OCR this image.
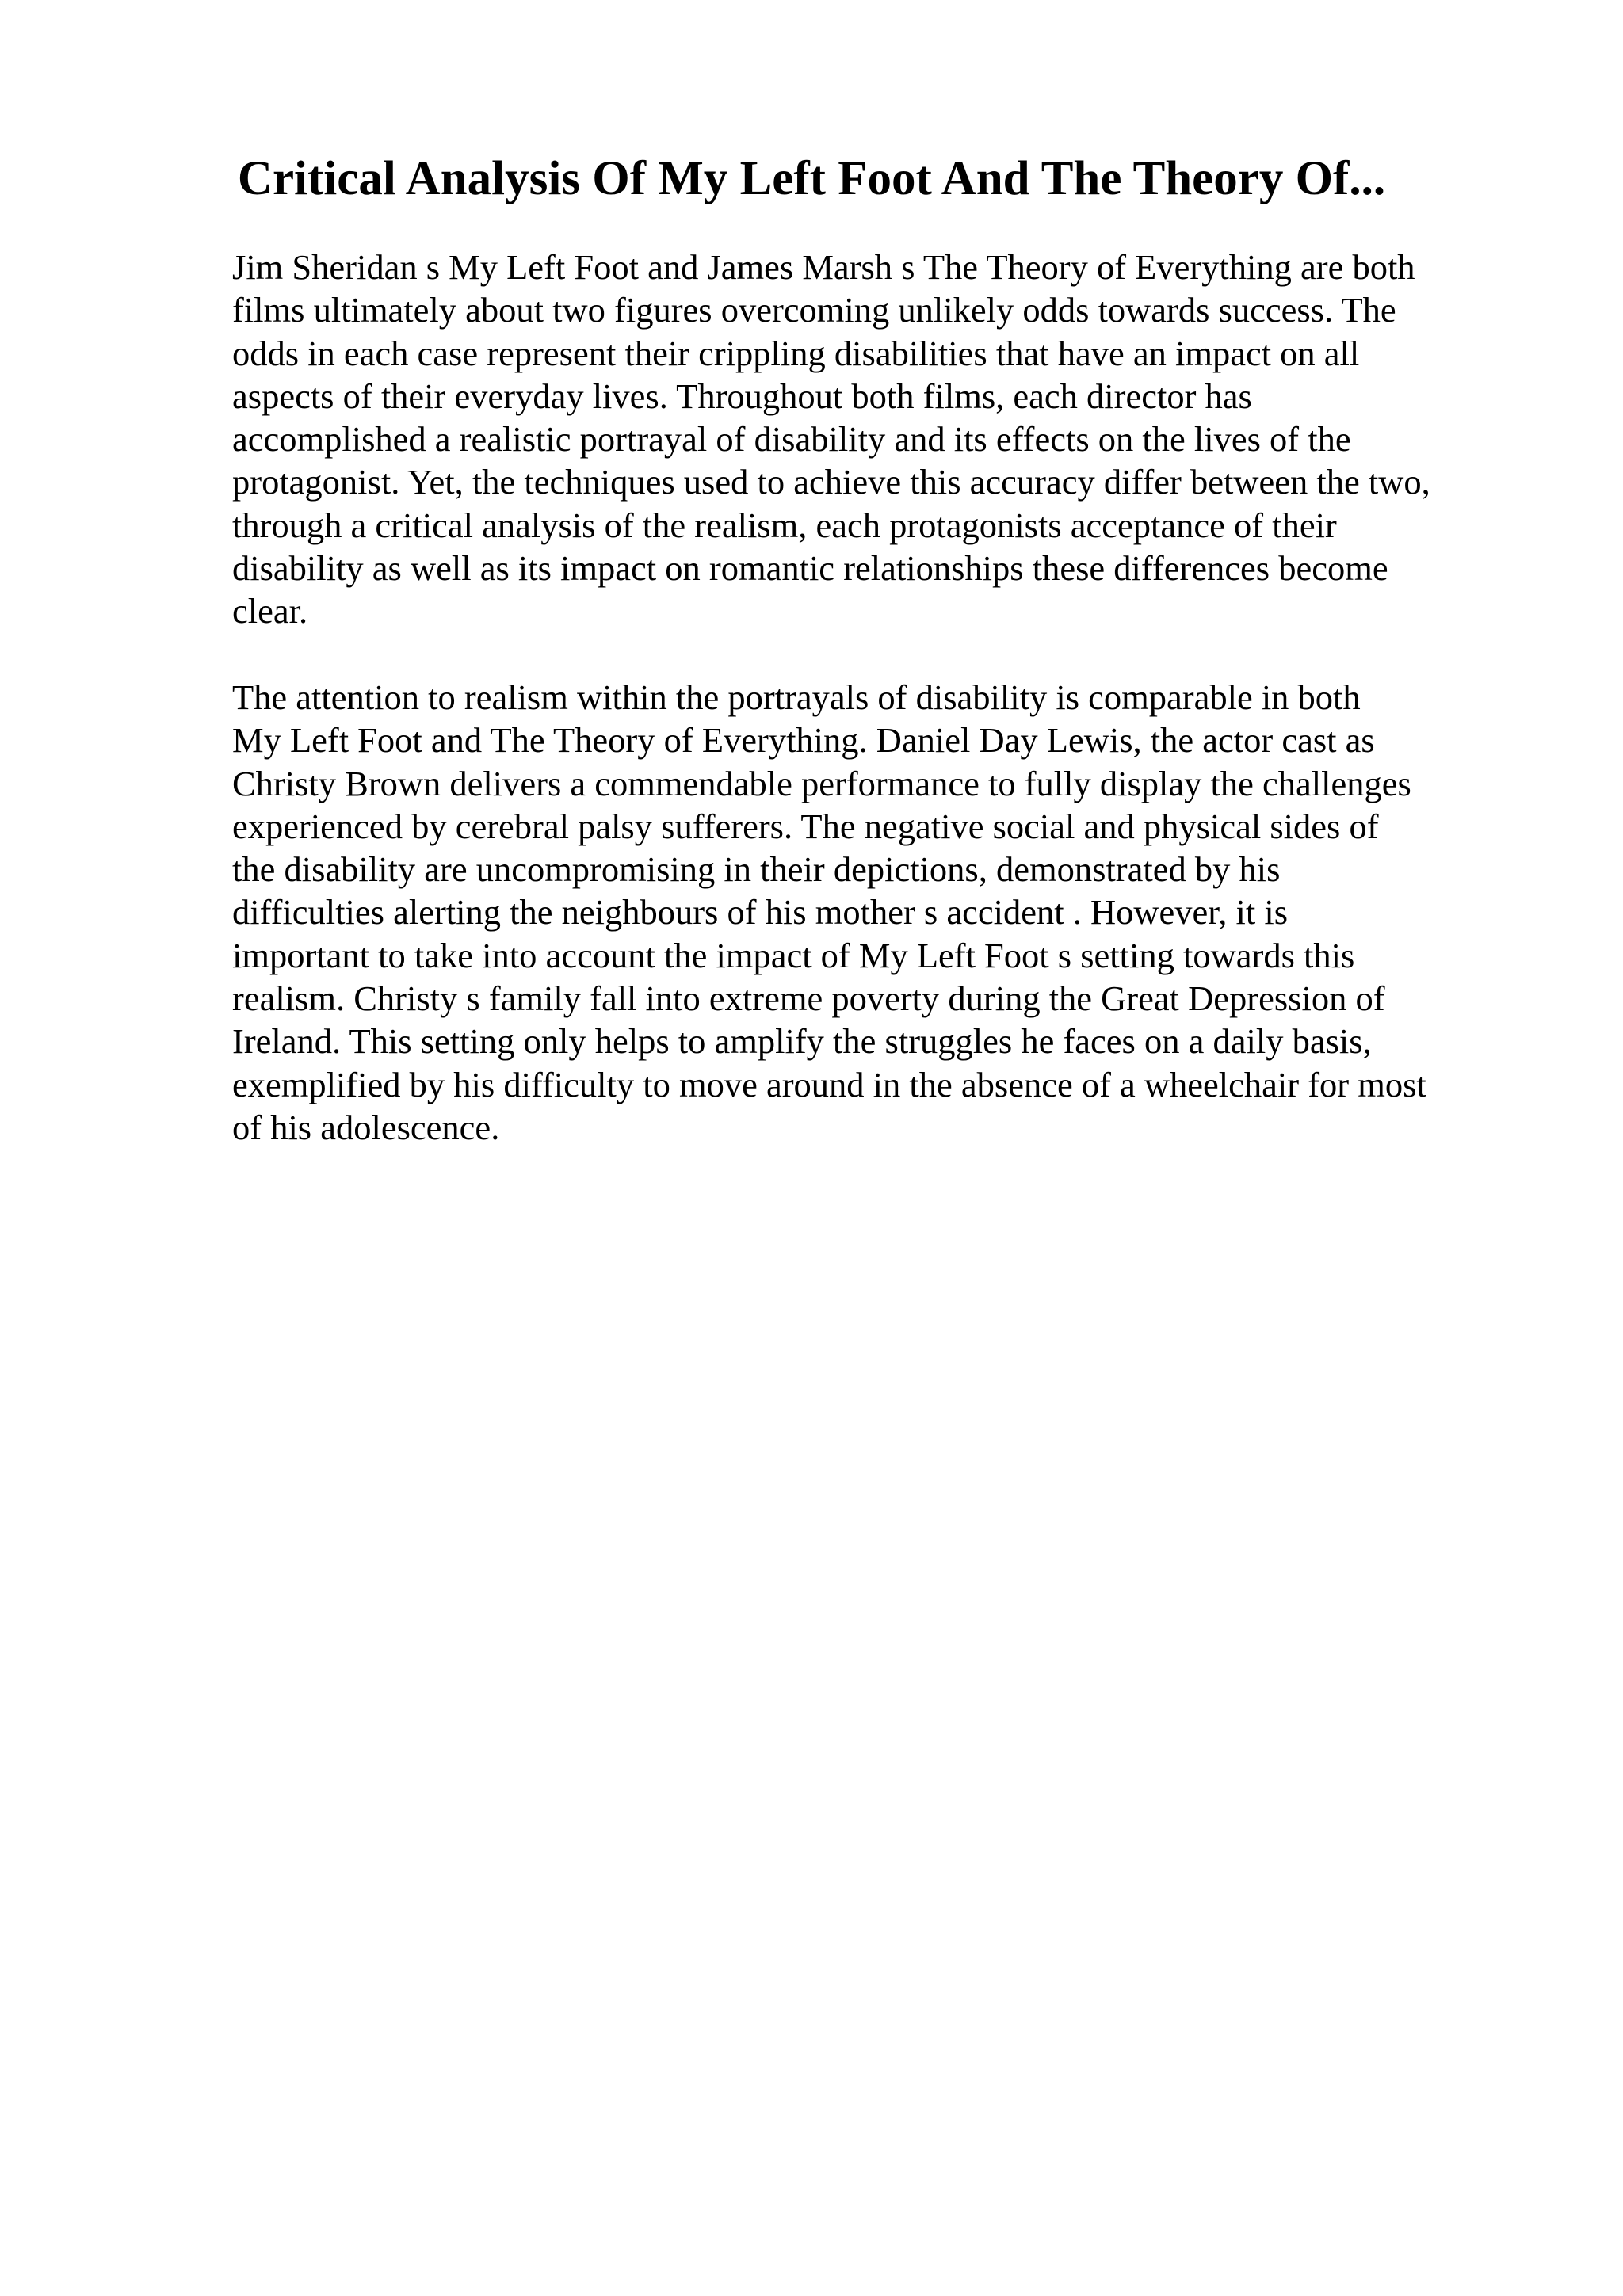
Critical Analysis Of My Left Foot And The Theory Of...

Jim Sheridan s My Left Foot and James Marsh s The Theory of Everything are both
films ultimately about two figures overcoming unlikely odds towards success. The
odds in each case represent their crippling disabilities that have an impact on all
aspects of their everyday lives. Throughout both films, each director has
accomplished a realistic portrayal of disability and its effects on the lives of the
protagonist. Yet, the techniques used to achieve this accuracy differ between the two,
through a critical analysis of the realism, each protagonists acceptance of their
disability as well as its impact on romantic relationships these differences become
clear.

The attention to realism within the portrayals of disability is comparable in both
My Left Foot and The Theory of Everything. Daniel Day Lewis, the actor cast as
Christy Brown delivers a commendable performance to fully display the challenges
experienced by cerebral palsy sufferers. The negative social and physical sides of
the disability are uncompromising in their depictions, demonstrated by his
difficulties alerting the neighbours of his mother s accident . However, it is
important to take into account the impact of My Left Foot s setting towards this
realism. Christy s family fall into extreme poverty during the Great Depression of
Ireland. This setting only helps to amplify the struggles he faces on a daily basis,
exemplified by his difficulty to move around in the absence of a wheelchair for most
of his adolescence.
